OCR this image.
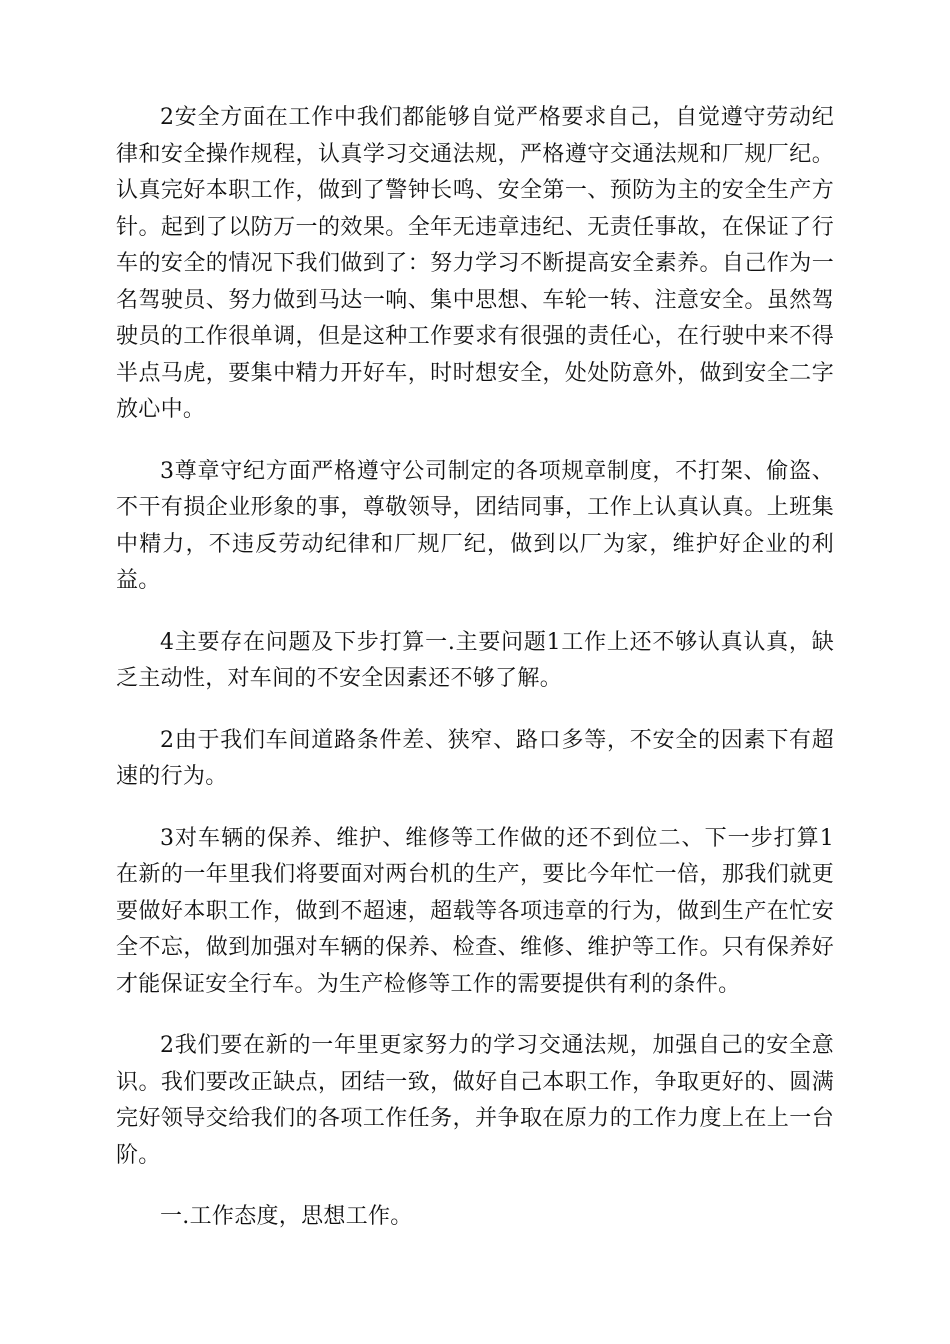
2安全方面在工作中我们都能够自觉严格要求自己，自觉遵守劳动纪律和安全操作规程，认真学习交通法规，严格遵守交通法规和厂规厂纪。认真完好本职工作，做到了警钟长鸣、安全第一、预防为主的安全生产方针。起到了以防万一的效果。全年无违章违纪、无责任事故，在保证了行车的安全的情况下我们做到了：努力学习不断提高安全素养。自己作为一名驾驶员、努力做到马达一响、集中思想、车轮一转、注意安全。虽然驾驶员的工作很单调，但是这种工作要求有很强的责任心，在行驶中来不得半点马虎，要集中精力开好车，时时想安全，处处防意外，做到安全二字放心中。

3尊章守纪方面严格遵守公司制定的各项规章制度，不打架、偷盗、不干有损企业形象的事，尊敬领导，团结同事，工作上认真认真。上班集中精力，不违反劳动纪律和厂规厂纪，做到以厂为家，维护好企业的利益。

4主要存在问题及下步打算一.主要问题1工作上还不够认真认真，缺乏主动性，对车间的不安全因素还不够了解。

2由于我们车间道路条件差、狭窄、路口多等，不安全的因素下有超速的行为。

3对车辆的保养、维护、维修等工作做的还不到位二、下一步打算1在新的一年里我们将要面对两台机的生产，要比今年忙一倍，那我们就更要做好本职工作，做到不超速，超载等各项违章的行为，做到生产在忙安全不忘，做到加强对车辆的保养、检查、维修、维护等工作。只有保养好才能保证安全行车。为生产检修等工作的需要提供有利的条件。

2我们要在新的一年里更家努力的学习交通法规，加强自己的安全意识。我们要改正缺点，团结一致，做好自己本职工作，争取更好的、圆满完好领导交给我们的各项工作任务，并争取在原力的工作力度上在上一台阶。

一.工作态度，思想工作。
